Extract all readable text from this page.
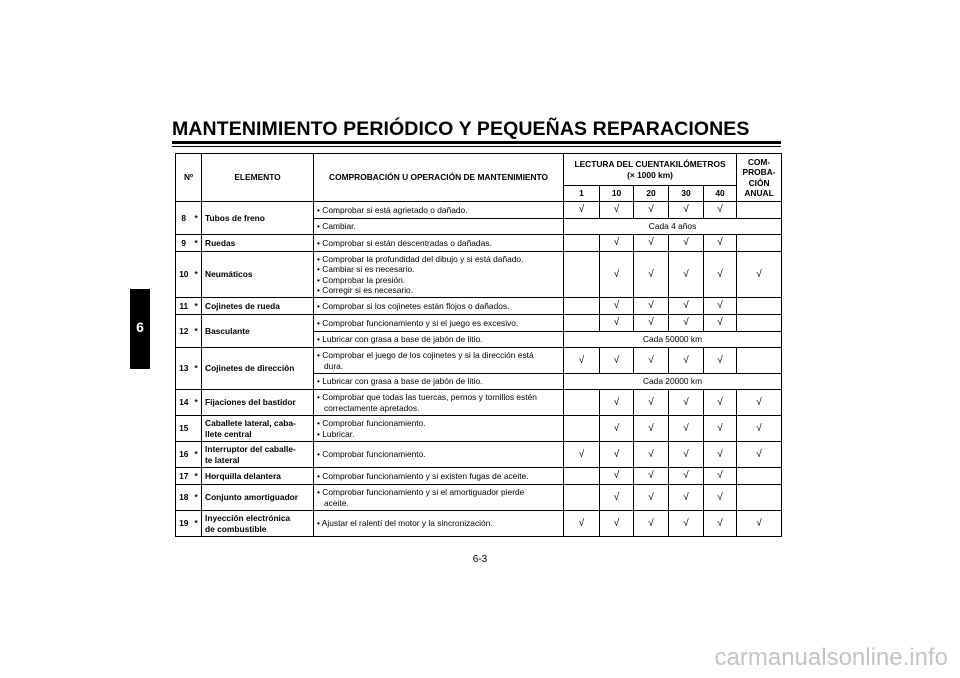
MANTENIMIENTO PERIÓDICO Y PEQUEÑAS REPARACIONES
6
Nº		ELEMENTO	COMPROBACIÓN U OPERACIÓN DE MANTENIMIENTO	LECTURA DEL CUENTAKILÓMETROS
(× 1000 km)					COM-
PROBA-
CIÓN
ANUAL
				1	10	20	30	40	
8	*	Tubos de freno	• Comprobar si está agrietado o dañado.	√	√	√	√	√	
			• Cambiar.	Cada 4 años					
9	*	Ruedas	• Comprobar si están descentradas o dañadas.		√	√	√	√	
10	*	Neumáticos	• Comprobar la profundidad del dibujo y si está dañado.
• Cambiar si es necesario.
• Comprobar la presión.
• Corregir si es necesario.		√	√	√	√	√
11	*	Cojinetes de rueda	• Comprobar si los cojinetes están flojos o dañados.		√	√	√	√	
12	*	Basculante	• Comprobar funcionamiento y si el juego es excesivo.		√	√	√	√	
			• Lubricar con grasa a base de jabón de litio.	Cada 50000 km					
13	*	Cojinetes de dirección	• Comprobar el juego de los cojinetes y si la dirección está
dura.	√	√	√	√	√	
			• Lubricar con grasa a base de jabón de litio.	Cada 20000 km					
14	*	Fijaciones del bastidor	• Comprobar que todas las tuercas, pernos y tornillos estén
correctamente apretados.		√	√	√	√	√
15		Caballete lateral, caba-
llete central	• Comprobar funcionamiento.
• Lubricar.		√	√	√	√	√
16	*	Interruptor del caballe-
te lateral	• Comprobar funcionamiento.	√	√	√	√	√	√
17	*	Horquilla delantera	• Comprobar funcionamiento y si existen fugas de aceite.		√	√	√	√	
18	*	Conjunto amortiguador	• Comprobar funcionamiento y si el amortiguador pierde
aceite.		√	√	√	√	
19	*	Inyección electrónica
de combustible	• Ajustar el ralentí del motor y la sincronización.	√	√	√	√	√	√
6-3
carmanualsonline.info
